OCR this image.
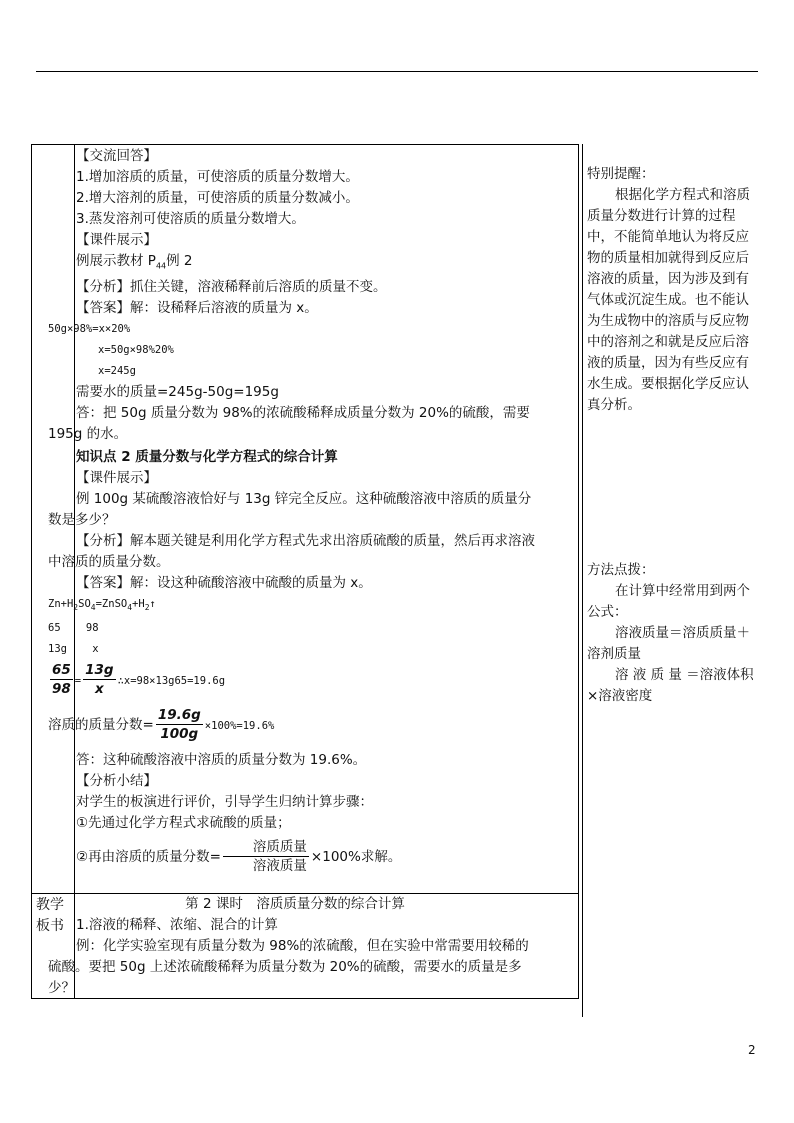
【交流回答】

1.增加溶质的质量，可使溶质的质量分数增大。

2.增大溶剂的质量，可使溶质的质量分数减小。

3.蒸发溶剂可使溶质的质量分数增大。

【课件展示】

例展示教材 $P_{44}$例 2

【分析】抓住关键，溶液稀释前后溶质的质量不变。

【答案】解：设稀释后溶液的质量为 x。

50g×98%=x×20%

x=50g×98%20%

x=245g

需要水的质量=245g-50g=195g

答：把 50g 质量分数为 98%的浓硫酸稀释成质量分数为 20%的硫酸，需要 195g 的水。

知识点 2 质量分数与化学方程式的综合计算

【课件展示】

例 100g 某硫酸溶液恰好与 13g 锌完全反应。这种硫酸溶液中溶质的质量分数是多少？

【分析】解本题关键是利用化学方程式先求出溶质硫酸的质量，然后再求溶液中溶质的质量分数。

【答案】解：设这种硫酸溶液中硫酸的质量为 x。

$Zn+H_2SO_4=ZnSO_4+H_2↑$

65    98

13g    x

$\frac{65}{98} = \frac{13g}{x}$ ∴x=98×13g65=19.6g

溶质的质量分数= $\frac{19.6g}{100g} \times 100\%=19.6\%$

答：这种硫酸溶液中溶质的质量分数为 19.6%。

【分析小结】

对学生的板演进行评价，引导学生归纳计算步骤：

①先通过化学方程式求硫酸的质量；

②再由溶质的质量分数= $\frac{\text{溶质质量}}{\text{溶液质量}} \times 100\%$求解。

教学板书

第 2 课时　溶质质量分数的综合计算

1.溶液的稀释、浓缩、混合的计算

例：化学实验室现有质量分数为 98%的浓硫酸，但在实验中常需要用较稀的硫酸。要把 50g 上述浓硫酸稀释为质量分数为 20%的硫酸，需要水的质量是多少？

特别提醒：

根据化学方程式和溶质质量分数进行计算的过程中，不能简单地认为将反应物的质量相加就得到反应后溶液的质量，因为涉及到有气体或沉淀生成。也不能认为生成物中的溶质与反应物中的溶剂之和就是反应后溶液的质量，因为有些反应有水生成。要根据化学反应认真分析。

方法点拨：

在计算中经常用到两个公式：

溶液质量＝溶质质量＋溶剂质量

溶 液 质 量 ＝溶液体积×溶液密度

2
